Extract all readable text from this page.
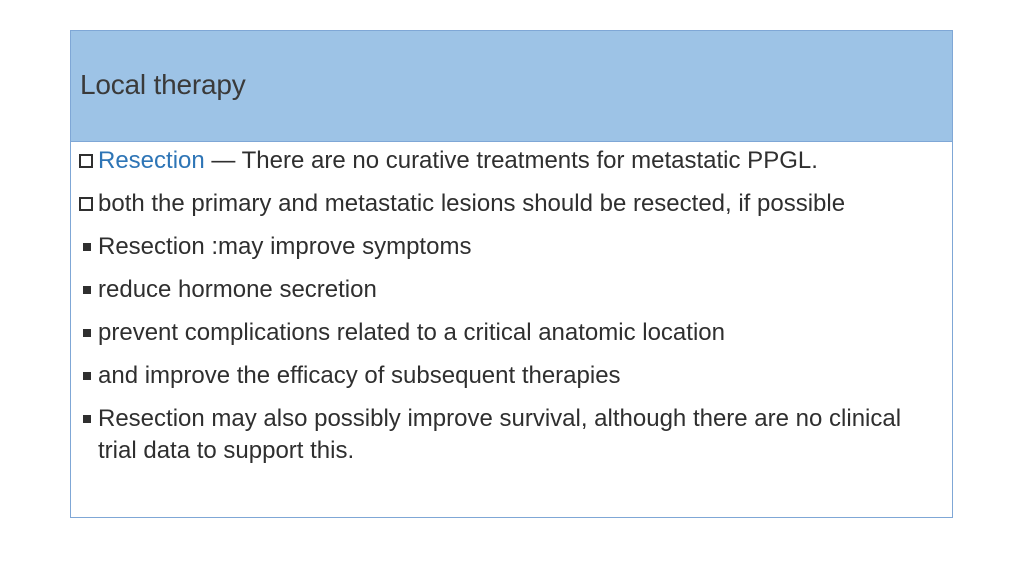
Local therapy
Resection — There are no curative treatments for metastatic PPGL.
both the primary and metastatic lesions should be resected, if possible
Resection :may improve symptoms
reduce hormone secretion
prevent complications related to a critical anatomic location
and improve the efficacy of subsequent therapies
Resection may also possibly improve survival, although there are no clinical trial data to support this.
